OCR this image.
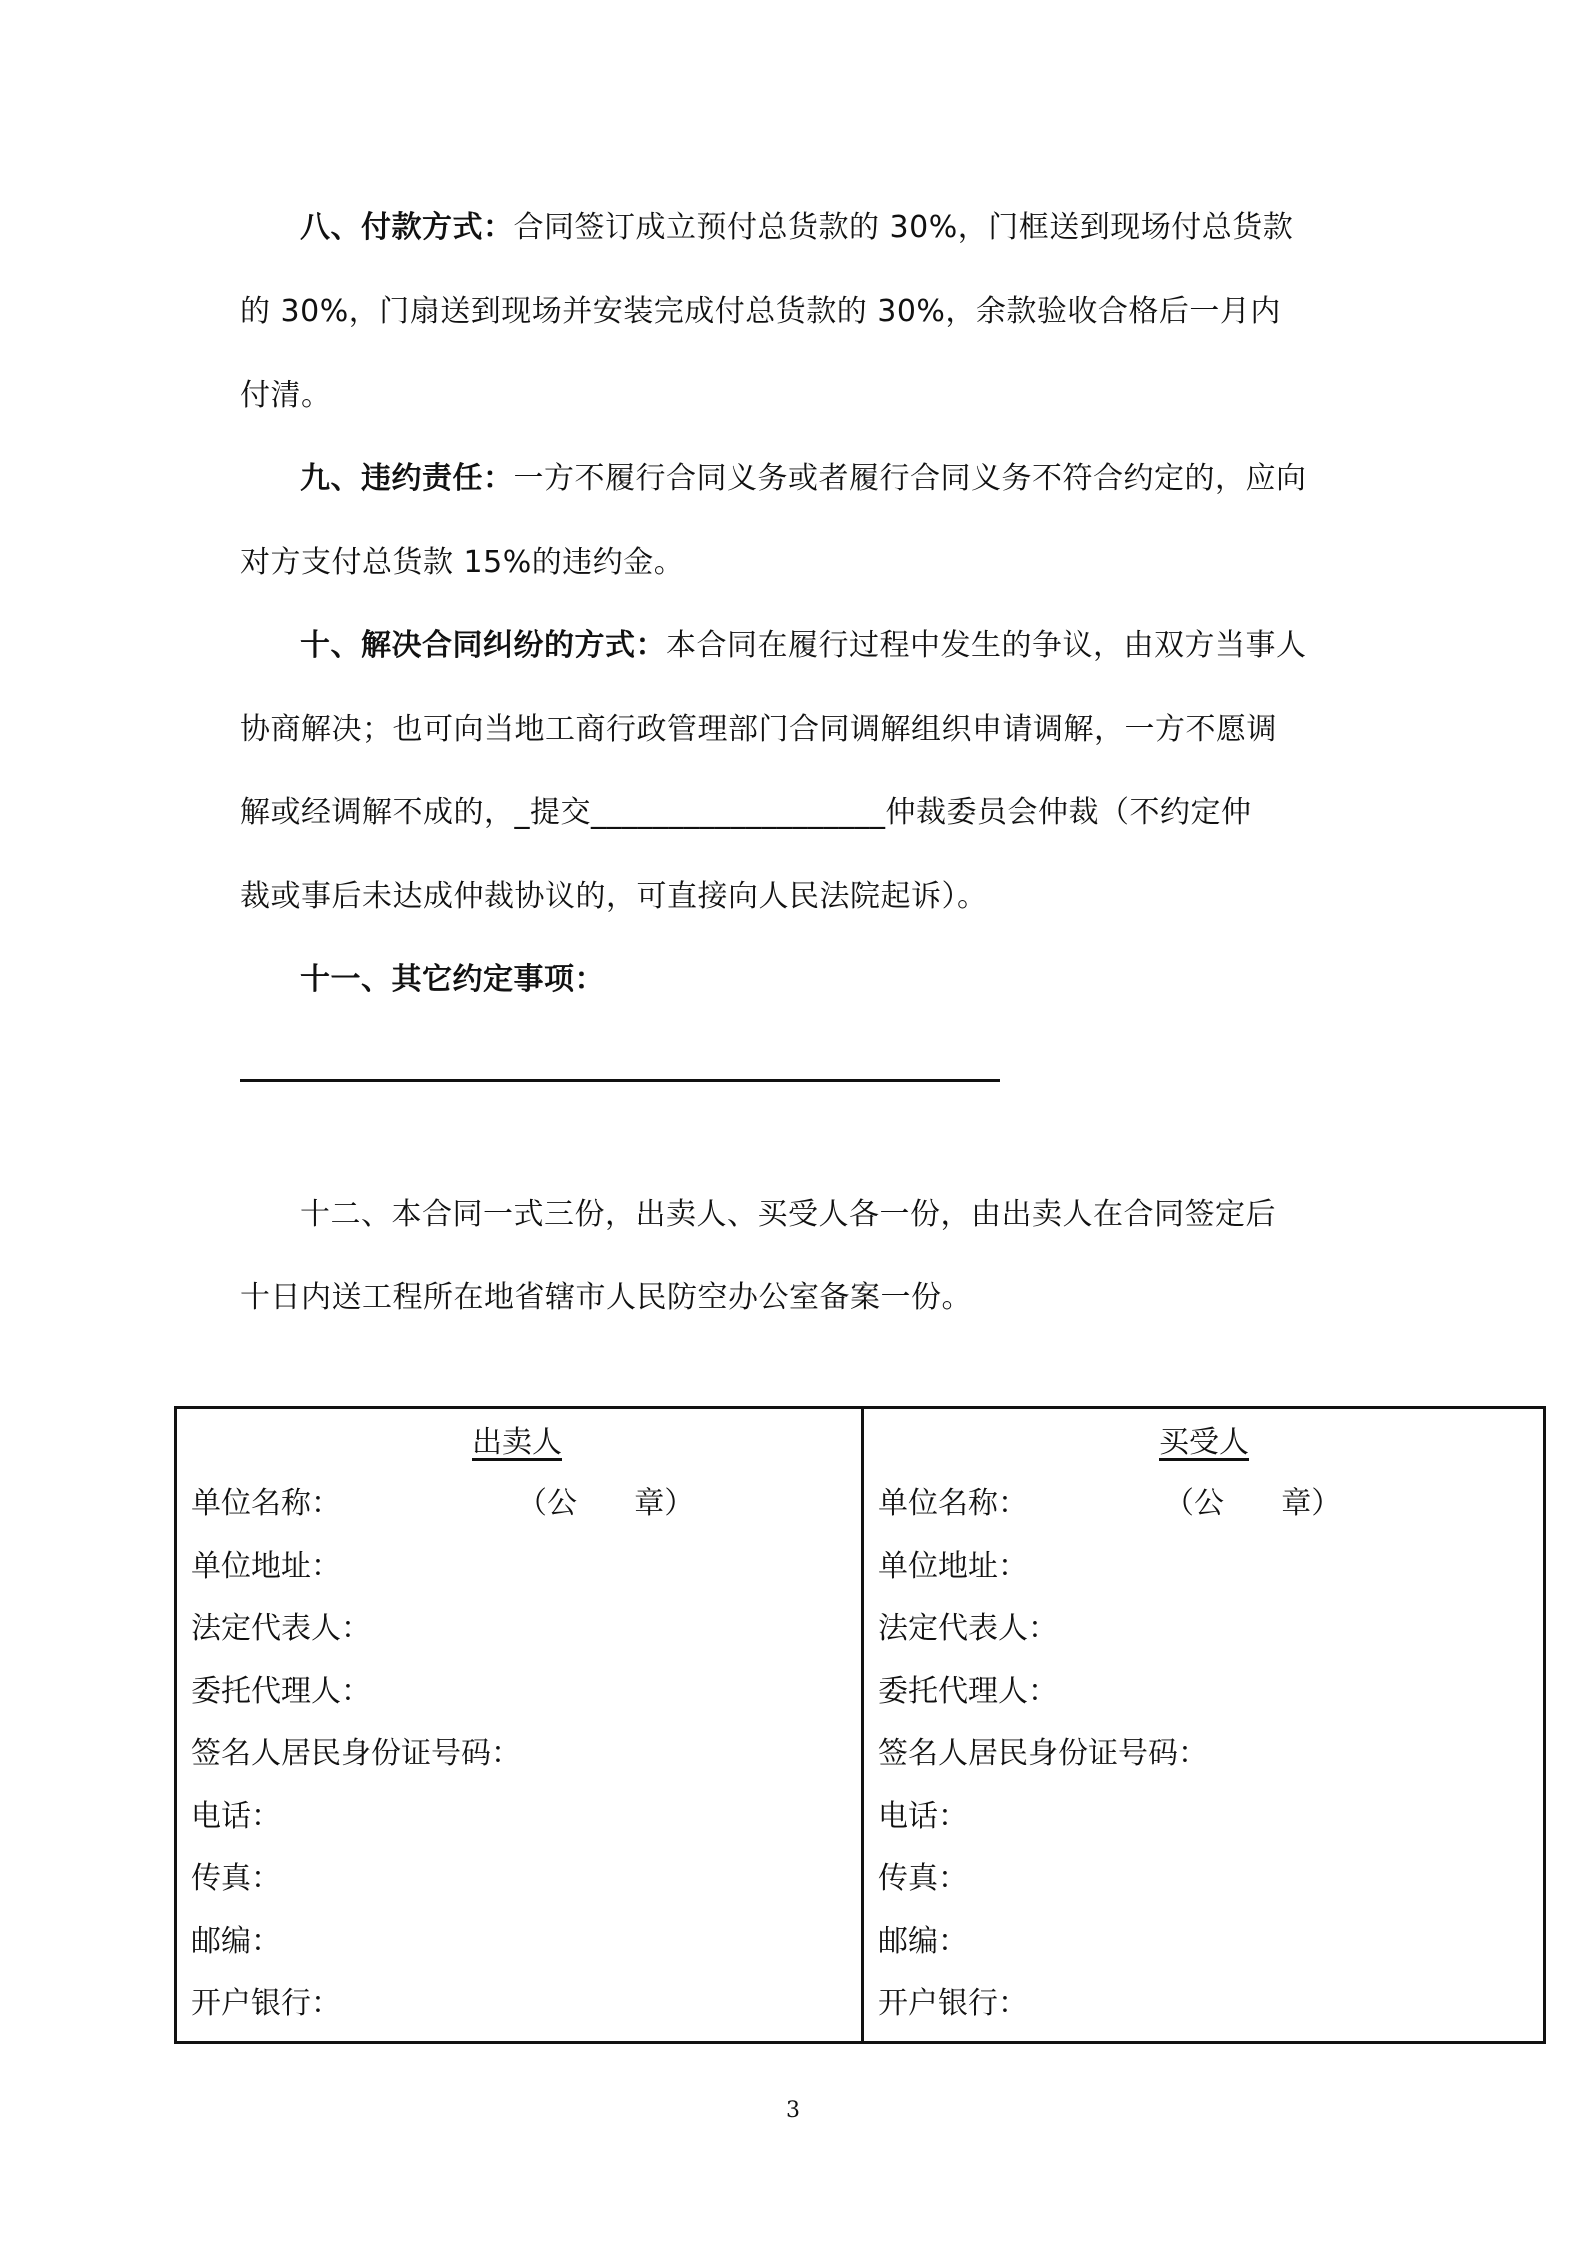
八、付款方式：合同签订成立预付总货款的 30%，门框送到现场付总货款
的 30%，门扇送到现场并安装完成付总货款的 30%，余款验收合格后一月内
付清。
九、违约责任：一方不履行合同义务或者履行合同义务不符合约定的，应向
对方支付总货款 15%的违约金。
十、解决合同纠纷的方式：本合同在履行过程中发生的争议，由双方当事人
协商解决；也可向当地工商行政管理部门合同调解组织申请调解，一方不愿调
解或经调解不成的，_提交___________________仲裁委员会仲裁（不约定仲
裁或事后未达成仲裁协议的，可直接向人民法院起诉）。
十一、其它约定事项：
十二、本合同一式三份，出卖人、买受人各一份，由出卖人在合同签定后
十日内送工程所在地省辖市人民防空办公室备案一份。
出卖人
（公      章）
单位名称：
单位地址：
法定代表人：
委托代理人：
签名人居民身份证号码：
电话：
传真：
邮编：
开户银行：
买受人
（公      章）
单位名称：
单位地址：
法定代表人：
委托代理人：
签名人居民身份证号码：
电话：
传真：
邮编：
开户银行：
3
